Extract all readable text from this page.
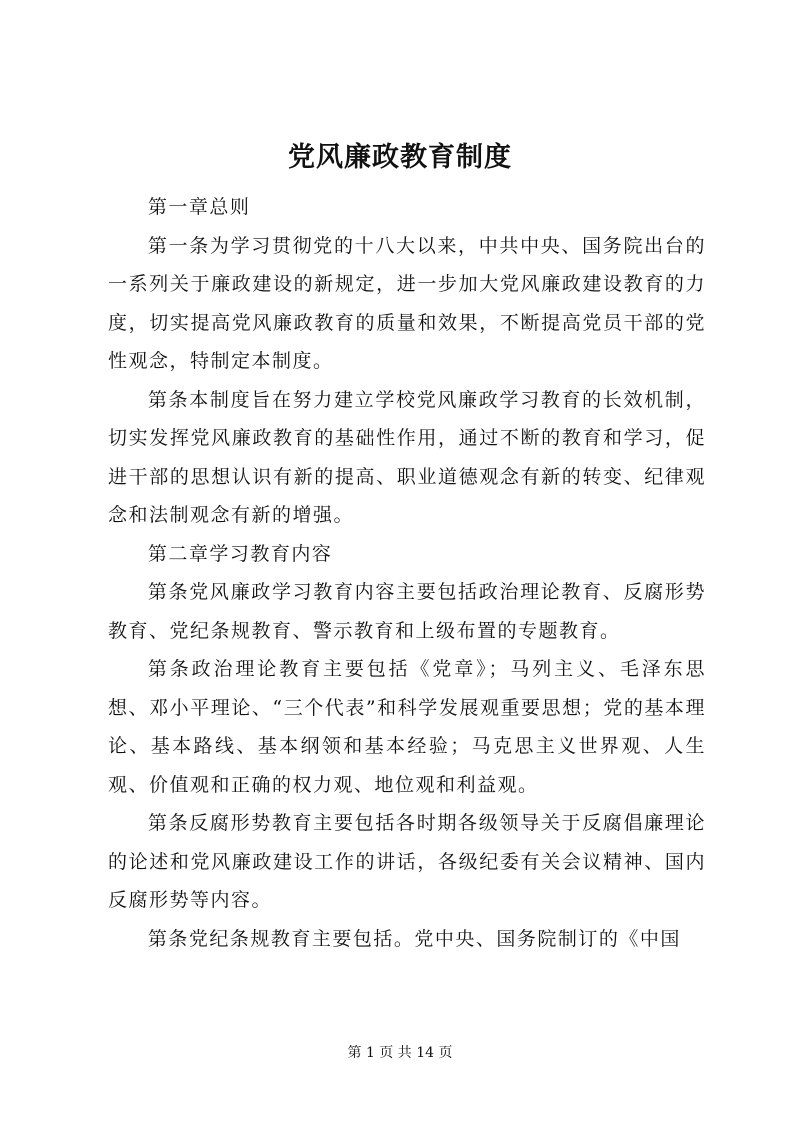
党风廉政教育制度

第一章总则

第一条为学习贯彻党的十八大以来，中共中央、国务院出台的一系列关于廉政建设的新规定，进一步加大党风廉政建设教育的力度，切实提高党风廉政教育的质量和效果，不断提高党员干部的党性观念，特制定本制度。

第条本制度旨在努力建立学校党风廉政学习教育的长效机制，切实发挥党风廉政教育的基础性作用，通过不断的教育和学习，促进干部的思想认识有新的提高、职业道德观念有新的转变、纪律观念和法制观念有新的增强。

第二章学习教育内容

第条党风廉政学习教育内容主要包括政治理论教育、反腐形势教育、党纪条规教育、警示教育和上级布置的专题教育。

第条政治理论教育主要包括《党章》；马列主义、毛泽东思想、邓小平理论、“三个代表”和科学发展观重要思想；党的基本理论、基本路线、基本纲领和基本经验；马克思主义世界观、人生观、价值观和正确的权力观、地位观和利益观。

第条反腐形势教育主要包括各时期各级领导关于反腐倡廉理论的论述和党风廉政建设工作的讲话，各级纪委有关会议精神、国内反腐形势等内容。

第条党纪条规教育主要包括。党中央、国务院制订的《中国

第 1 页 共 14 页
